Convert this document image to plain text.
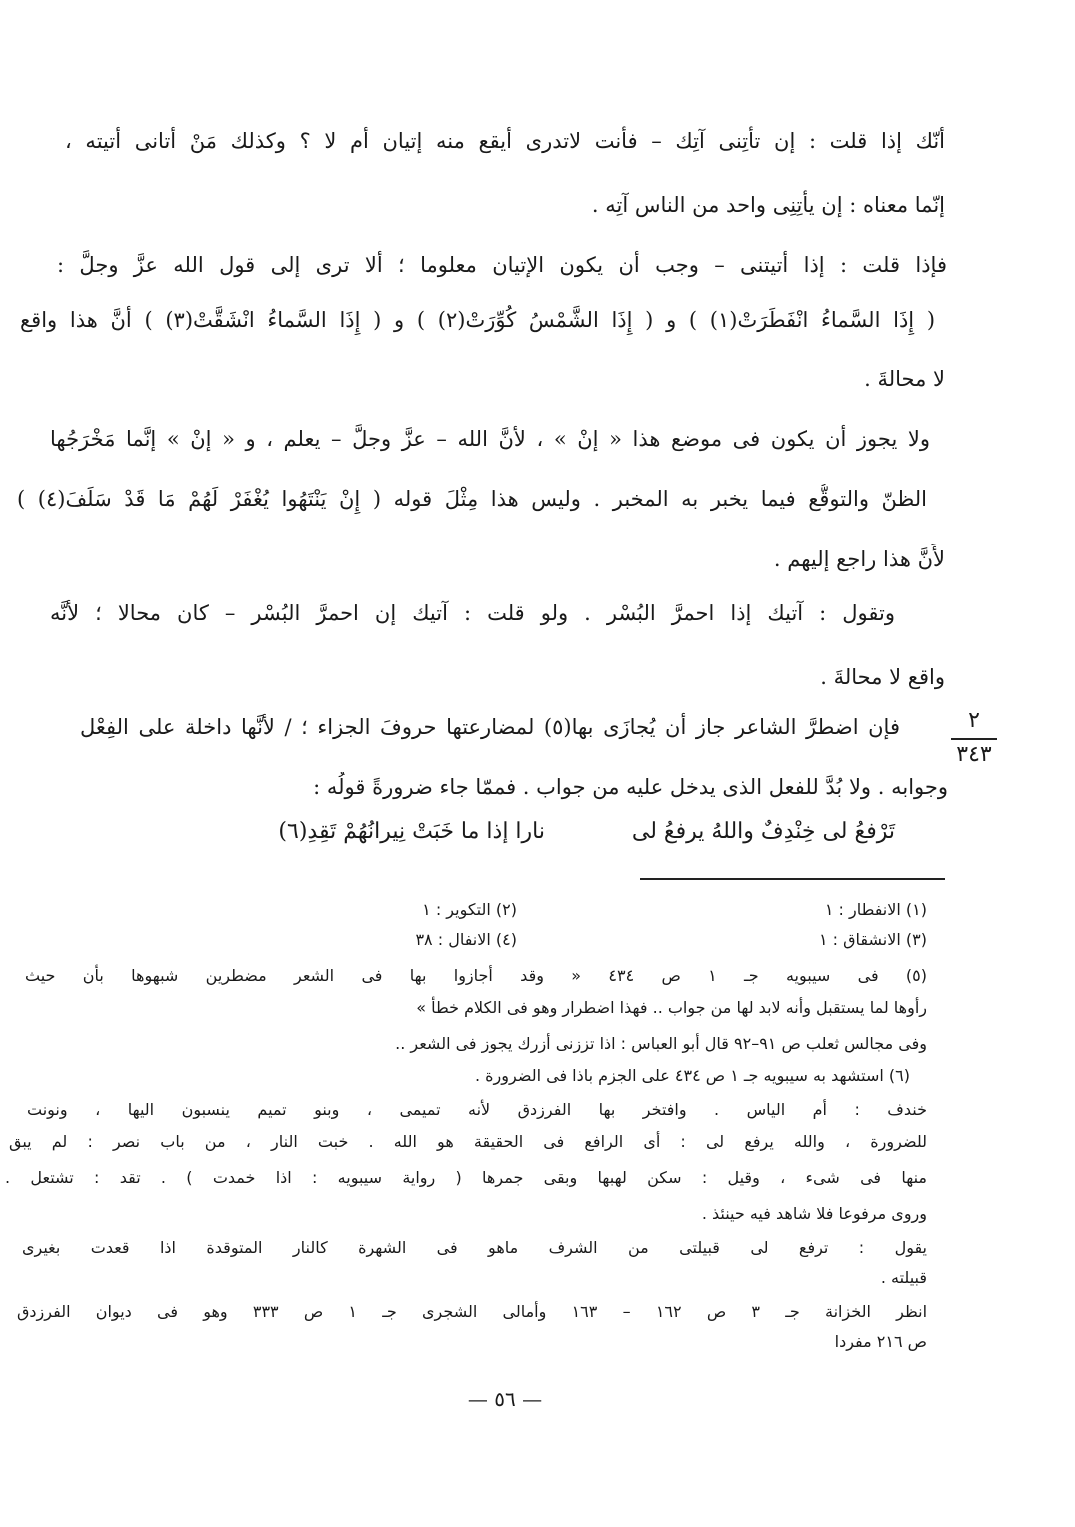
أنّك إذا قلت : إن تأتِنى آتِك – فأنت لاتدرى أيقع منه إتيان أم لا ؟ وكذلك مَنْ أتانى أتيته ،
إنّما معناه : إن يأتِنِى واحد من الناس آتِه .
فإذا قلت : إذا أتيتنى – وجب أن يكون الإتيان معلوما ؛ ألا ترى إلى قول الله عزَّ وجلَّ :
( إِذَا السَّماءُ انْفَطَرَتْ(١) ) و ( إِذَا الشَّمْسُ كُوِّرَتْ(٢) ) و ( إِذَا السَّماءُ انْشَقَّتْ(٣) ) أنَّ هذا واقع
لا محالةَ .
ولا يجوز أن يكون فى موضع هذا « إنْ » ، لأنَّ الله – عزَّ وجلَّ – يعلم ، و « إنْ » إنَّما مَخْرَجُها
الظنّ والتوقُّع فيما يخبر به المخبر . وليس هذا مِثْلَ قوله ( إِنْ يَنْتَهُوا يُغْفَرْ لَهُمْ مَا قَدْ سَلَفَ(٤) )
لأَنَّ هذا راجع إليهم .
وتقول : آتيك إذا احمرَّ البُسْر . ولو قلت : آتيك إن احمرَّ البُسْر – كان محالا ؛ لأنَّه
واقع لا محالةَ .
فإن اضطرَّ الشاعر جاز أن يُجازَى بها(٥) لمضارعتها حروفَ الجزاء ؛ / لأنَّها داخلة على الفِعْل
وجوابه . ولا بُدَّ للفعل الذى يدخل عليه من جواب . فممّا جاء ضرورةً قولُه :
تَرْفعُ لى خِنْدِفٌ واللهُ يرفعُ لى
نارا إذا ما خَبَتْ نِيرانُهُمْ تَقِدِ(٦)
٢
٣٤٣
(١) الانفطار : ١
(٢) التكوير : ١
(٣) الانشقاق : ١
(٤) الانفال : ٣٨
(٥) فى سيبويه جـ ١ ص ٤٣٤ « وقد أجازوا بها فى الشعر مضطرين شبهوها بأن حيث
رأوها لما يستقبل وأنه لابد لها من جواب .. فهذا اضطرار وهو فى الكلام خطأ »
وفى مجالس ثعلب ص ٩١–٩٢ قال أبو العباس : اذا تززنى أزرك يجوز فى الشعر ..
(٦) استشهد به سيبويه جـ ١ ص ٤٣٤ على الجزم باذا فى الضرورة .
خندف : أم الياس . وافتخر بها الفرزدق لأنه تميمى ، وبنو تميم ينسبون اليها ، ونونت
للضرورة ، والله يرفع لى : أى الرافع فى الحقيقة هو الله . خبت النار ، من باب نصر : لم يبق
منها فى شىء ، وقيل : سكن لهبها وبقى جمرها ( رواية سيبويه : اذا خمدت ) . تقد : تشتعل .
وروى مرفوعا فلا شاهد فيه حينئذ .
يقول : ترفع لى قبيلتى من الشرف ماهو فى الشهرة كالنار المتوقدة اذا قعدت بغيرى
قبيلته .
انظر الخزانة جـ ٣ ص ١٦٢ – ١٦٣ وأمالى الشجرى جـ ١ ص ٣٣٣ وهو فى ديوان الفرزدق
ص ٢١٦ مفردا
— ٥٦ —
